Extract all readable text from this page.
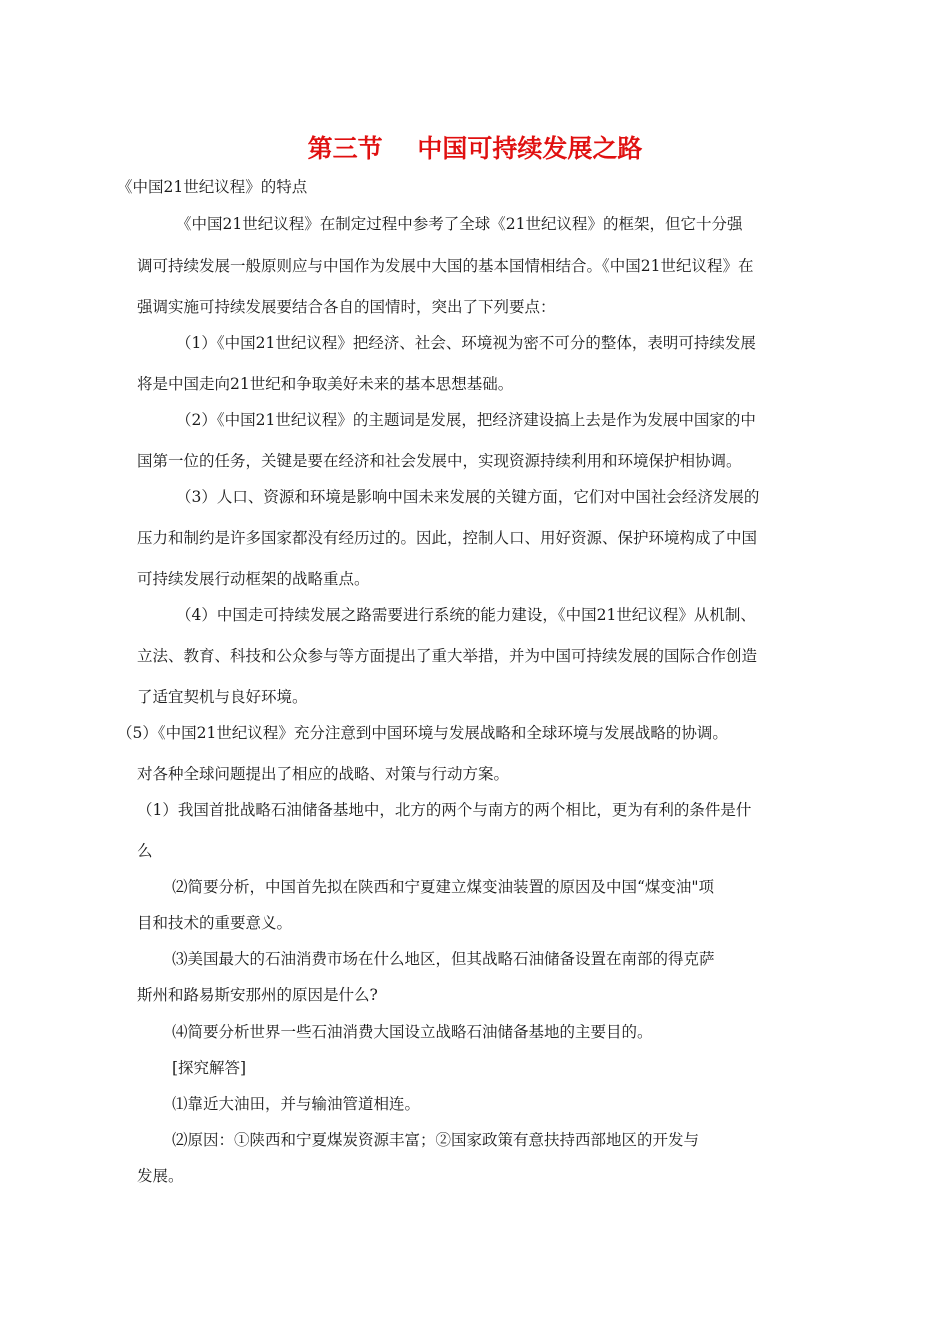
第三节    中国可持续发展之路
《中国21世纪议程》的特点
《中国21世纪议程》在制定过程中参考了全球《21世纪议程》的框架，但它十分强
调可持续发展一般原则应与中国作为发展中大国的基本国情相结合。《中国21世纪议程》在
强调实施可持续发展要结合各自的国情时，突出了下列要点：
（1）《中国21世纪议程》把经济、社会、环境视为密不可分的整体，表明可持续发展
将是中国走向21世纪和争取美好未来的基本思想基础。
（2）《中国21世纪议程》的主题词是发展，把经济建设搞上去是作为发展中国家的中
国第一位的任务，关键是要在经济和社会发展中，实现资源持续利用和环境保护相协调。
（3）人口、资源和环境是影响中国未来发展的关键方面，它们对中国社会经济发展的
压力和制约是许多国家都没有经历过的。因此，控制人口、用好资源、保护环境构成了中国
可持续发展行动框架的战略重点。
（4）中国走可持续发展之路需要进行系统的能力建设，《中国21世纪议程》从机制、
立法、教育、科技和公众参与等方面提出了重大举措，并为中国可持续发展的国际合作创造
了适宜契机与良好环境。
（5）《中国21世纪议程》充分注意到中国环境与发展战略和全球环境与发展战略的协调。
对各种全球问题提出了相应的战略、对策与行动方案。
（1）我国首批战略石油储备基地中，北方的两个与南方的两个相比，更为有利的条件是什
么
⑵简要分析，中国首先拟在陕西和宁夏建立煤变油装置的原因及中国“煤变油"项
目和技术的重要意义。
⑶美国最大的石油消费市场在什么地区，但其战略石油储备设置在南部的得克萨
斯州和路易斯安那州的原因是什么?
⑷简要分析世界一些石油消费大国设立战略石油储备基地的主要目的。
[探究解答]
⑴靠近大油田，并与输油管道相连。
⑵原因：①陕西和宁夏煤炭资源丰富；②国家政策有意扶持西部地区的开发与
发展。
